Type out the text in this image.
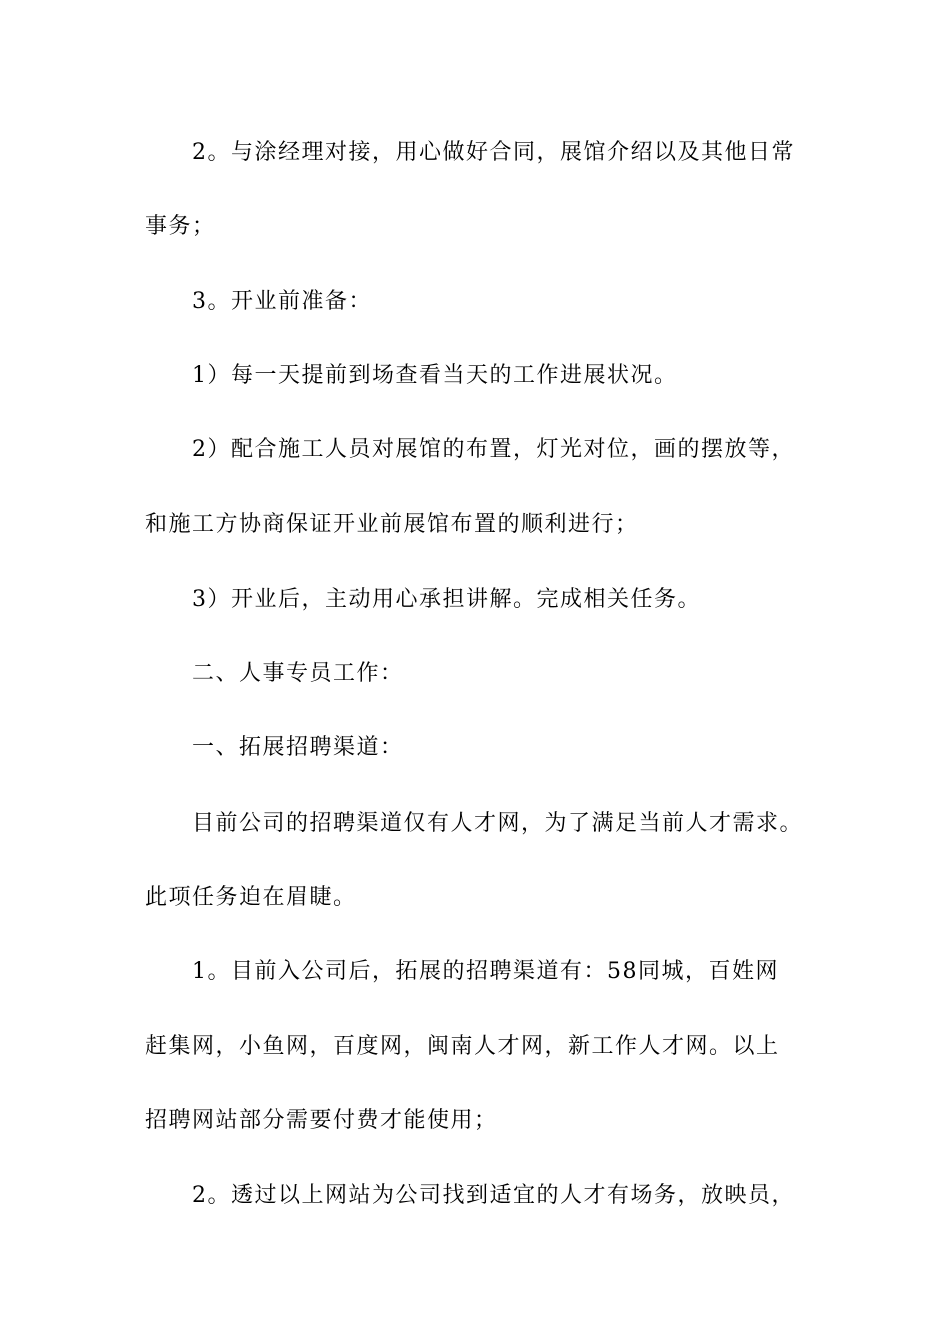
2。与涂经理对接，用心做好合同，展馆介绍以及其他日常
事务；
3。开业前准备：
1）每一天提前到场查看当天的工作进展状况。
2）配合施工人员对展馆的布置，灯光对位，画的摆放等，
和施工方协商保证开业前展馆布置的顺利进行；
3）开业后，主动用心承担讲解。完成相关任务。
二、人事专员工作：
一、拓展招聘渠道：
目前公司的招聘渠道仅有人才网，为了满足当前人才需求。
此项任务迫在眉睫。
1。目前入公司后，拓展的招聘渠道有：58同城，百姓网
赶集网，小鱼网，百度网，闽南人才网，新工作人才网。以上
招聘网站部分需要付费才能使用；
2。透过以上网站为公司找到适宜的人才有场务，放映员，
